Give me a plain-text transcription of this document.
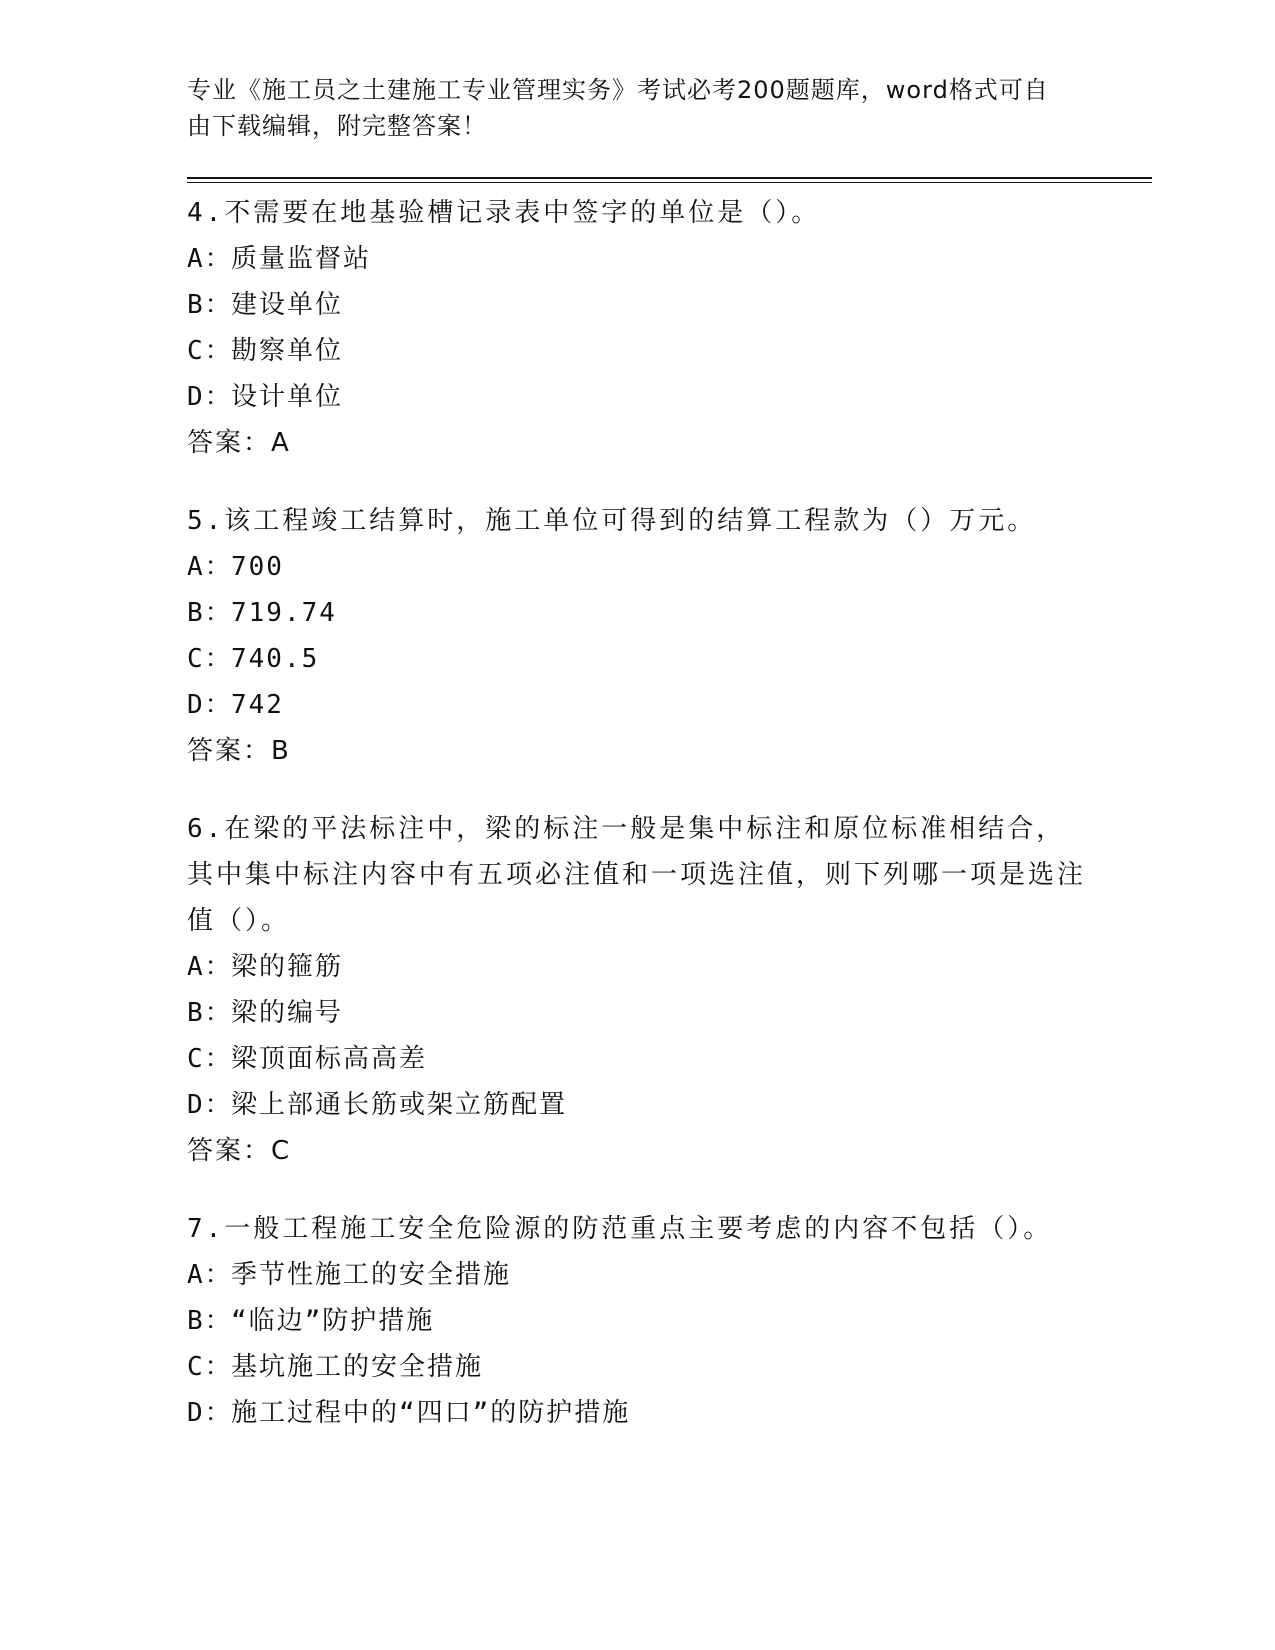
专业《施工员之土建施工专业管理实务》考试必考200题题库，word格式可自由下载编辑，附完整答案！
4.不需要在地基验槽记录表中签字的单位是（）。
A：质量监督站
B：建设单位
C：勘察单位
D：设计单位
答案：A
5.该工程竣工结算时，施工单位可得到的结算工程款为（）万元。
A：700
B：719.74
C：740.5
D：742
答案：B
6.在梁的平法标注中，梁的标注一般是集中标注和原位标准相结合，其中集中标注内容中有五项必注值和一项选注值，则下列哪一项是选注值（）。
A：梁的箍筋
B：梁的编号
C：梁顶面标高高差
D：梁上部通长筋或架立筋配置
答案：C
7.一般工程施工安全危险源的防范重点主要考虑的内容不包括（）。
A：季节性施工的安全措施
B：“临边”防护措施
C：基坑施工的安全措施
D：施工过程中的“四口”的防护措施
